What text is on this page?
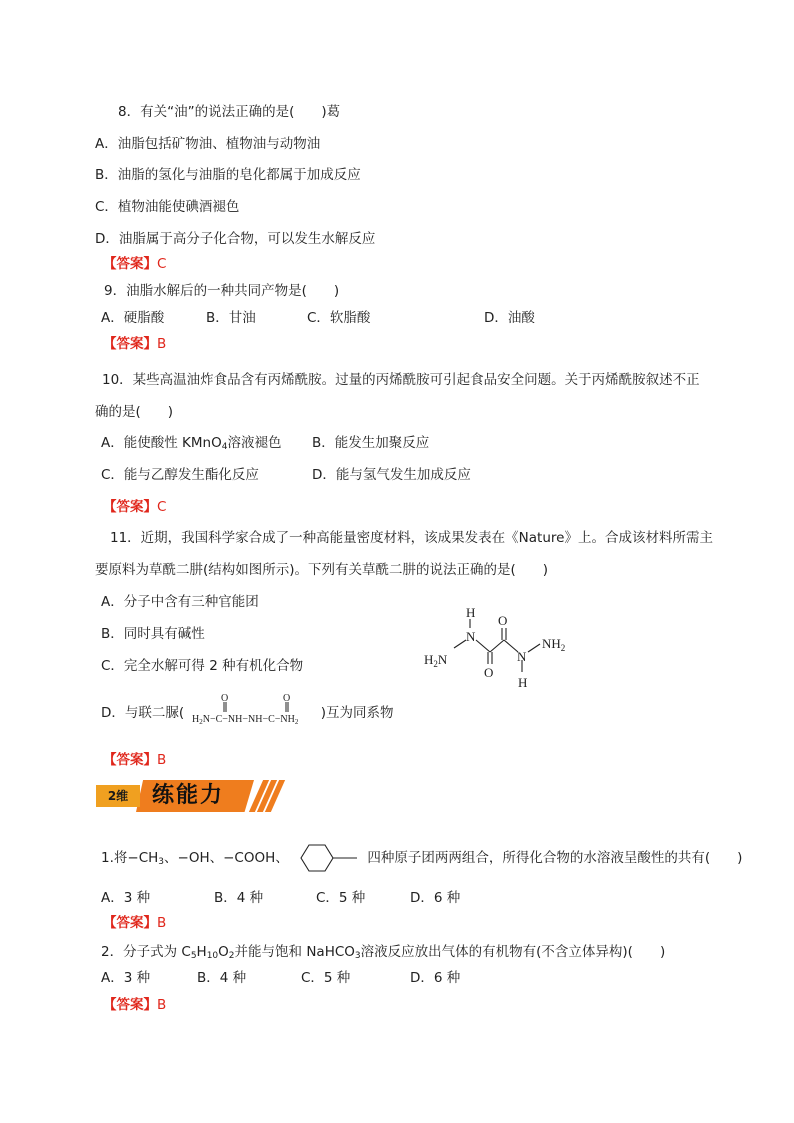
8．有关“油”的说法正确的是(　　)葛
A．油脂包括矿物油、植物油与动物油
B．油脂的氢化与油脂的皂化都属于加成反应
C．植物油能使碘酒褪色
D．油脂属于高分子化合物，可以发生水解反应
【答案】C
9．油脂水解后的一种共同产物是(　　)
A．硬脂酸	B．甘油	C．软脂酸	D．油酸
【答案】B
10．某些高温油炸食品含有丙烯酰胺。过量的丙烯酰胺可引起食品安全问题。关于丙烯酰胺叙述不正
确的是(　　)
A．能使酸性 KMnO$_4$溶液褪色 B．能发生加聚反应
C．能与乙醇发生酯化反应	D．能与氢气发生加成反应
【答案】C
11．近期，我国科学家合成了一种高能量密度材料，该成果发表在《Nature》上。合成该材料所需主
要原料为草酰二肼(结构如图所示)。下列有关草酰二肼的说法正确的是(　　)
A．分子中含有三种官能团
B．同时具有碱性
C．完全水解可得 2 种有机化合物
H
N
$H_2N$
O
O
N
$NH_2$
H
D．与联二脲(	)互为同系物
O	O
$H_2N-C-NH-NH-C-NH_2$
【答案】B
2维	练能力
1.将$-CH_3$、−OH、−COOH、	四种原子团两两组合，所得化合物的水溶液呈酸性的共有(　　)
A．3 种	B．4 种	C．5 种	D．6 种
【答案】B
2．分子式为 $C_5H_{10}O_2$并能与饱和 NaHCO$_3$溶液反应放出气体的有机物有(不含立体异构)(　　)
A．3 种	B．4 种	C．5 种	D．6 种
【答案】B
